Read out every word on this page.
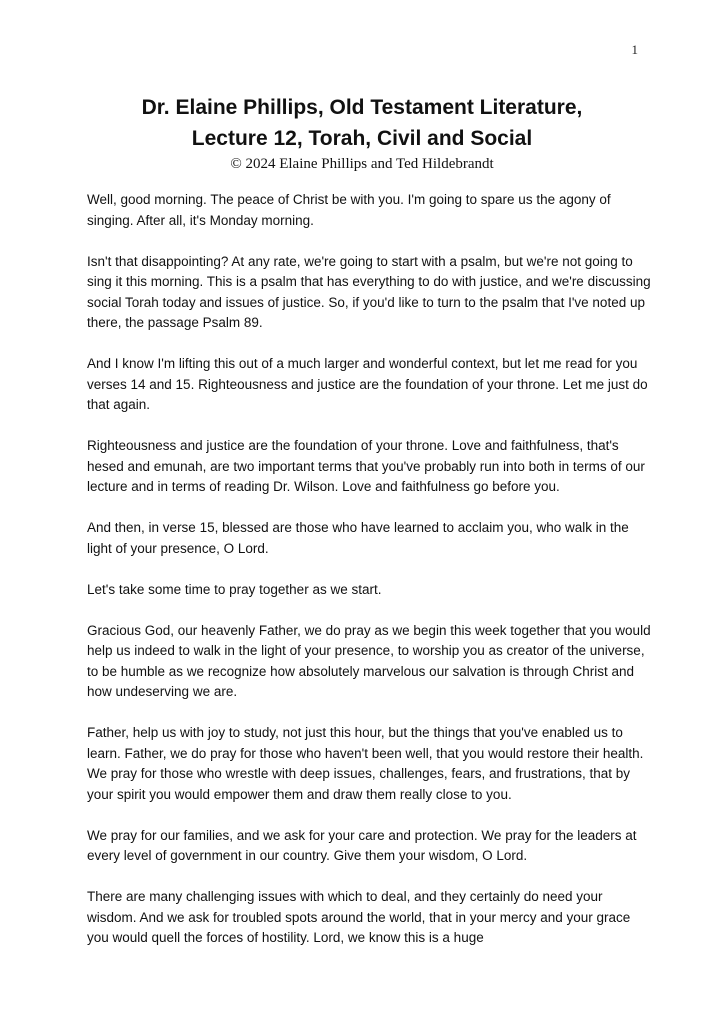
1
Dr. Elaine Phillips, Old Testament Literature,
Lecture 12, Torah, Civil and Social
© 2024 Elaine Phillips and Ted Hildebrandt

Well, good morning. The peace of Christ be with you. I'm going to spare us the agony of singing. After all, it's Monday morning.

Isn't that disappointing? At any rate, we're going to start with a psalm, but we're not going to sing it this morning. This is a psalm that has everything to do with justice, and we're discussing social Torah today and issues of justice. So, if you'd like to turn to the psalm that I've noted up there, the passage Psalm 89.

And I know I'm lifting this out of a much larger and wonderful context, but let me read for you verses 14 and 15. Righteousness and justice are the foundation of your throne. Let me just do that again.

Righteousness and justice are the foundation of your throne. Love and faithfulness, that's hesed and emunah, are two important terms that you've probably run into both in terms of our lecture and in terms of reading Dr. Wilson. Love and faithfulness go before you.

And then, in verse 15, blessed are those who have learned to acclaim you, who walk in the light of your presence, O Lord.

Let's take some time to pray together as we start.

Gracious God, our heavenly Father, we do pray as we begin this week together that you would help us indeed to walk in the light of your presence, to worship you as creator of the universe, to be humble as we recognize how absolutely marvelous our salvation is through Christ and how undeserving we are.

Father, help us with joy to study, not just this hour, but the things that you've enabled us to learn. Father, we do pray for those who haven't been well, that you would restore their health. We pray for those who wrestle with deep issues, challenges, fears, and frustrations, that by your spirit you would empower them and draw them really close to you.

We pray for our families, and we ask for your care and protection. We pray for the leaders at every level of government in our country. Give them your wisdom, O Lord.

There are many challenging issues with which to deal, and they certainly do need your wisdom. And we ask for troubled spots around the world, that in your mercy and your grace you would quell the forces of hostility. Lord, we know this is a huge
